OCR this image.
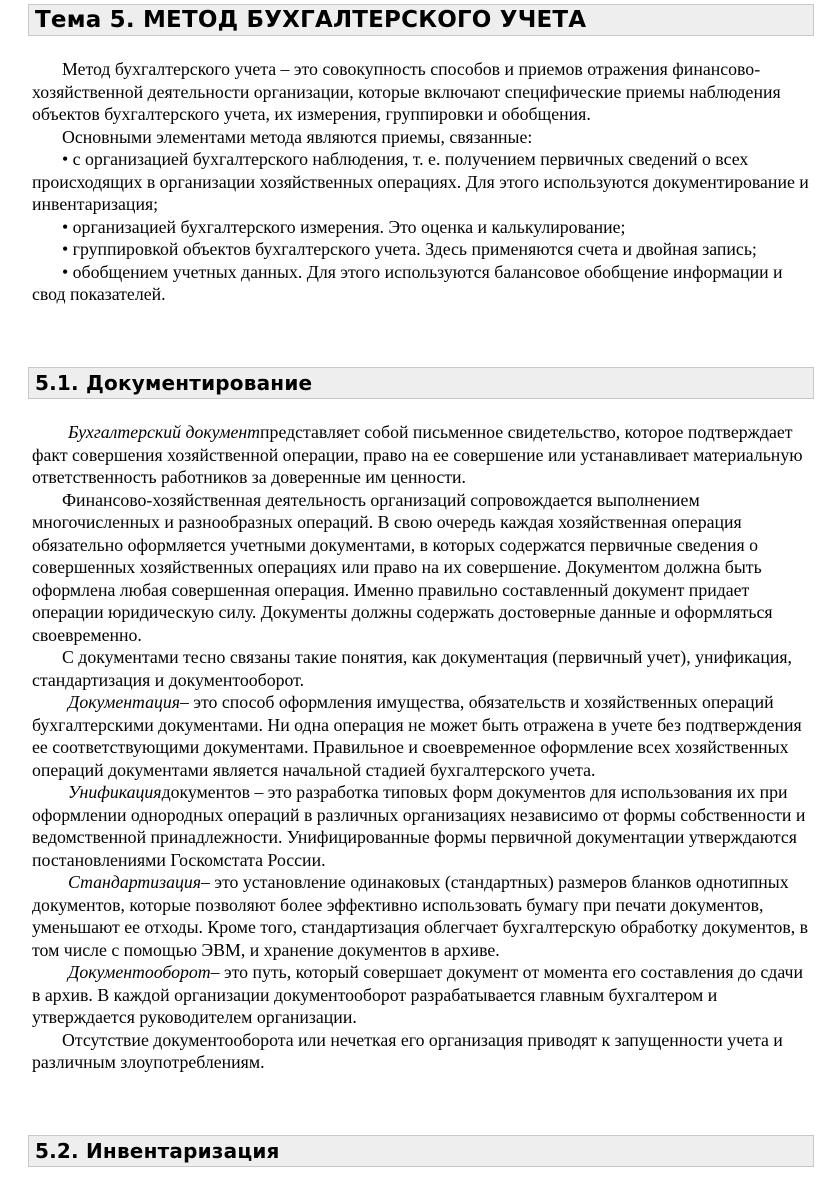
Тема 5. МЕТОД БУХГАЛТЕРСКОГО УЧЕТА

Метод бухгалтерского учета – это совокупность способов и приемов отражения финансово-хозяйственной деятельности организации, которые включают специфические приемы наблюдения объектов бухгалтерского учета, их измерения, группировки и обобщения.

Основными элементами метода являются приемы, связанные:

• с организацией бухгалтерского наблюдения, т. е. получением первичных сведений о всех происходящих в организации хозяйственных операциях. Для этого используются документирование и инвентаризация;

• организацией бухгалтерского измерения. Это оценка и калькулирование;

• группировкой объектов бухгалтерского учета. Здесь применяются счета и двойная запись;

• обобщением учетных данных. Для этого используются балансовое обобщение информации и свод показателей.

5.1. Документирование

Бухгалтерский документпредставляет собой письменное свидетельство, которое подтверждает факт совершения хозяйственной операции, право на ее совершение или устанавливает материальную ответственность работников за доверенные им ценности.

Финансово-хозяйственная деятельность организаций сопровождается выполнением многочисленных и разнообразных операций. В свою очередь каждая хозяйственная операция обязательно оформляется учетными документами, в которых содержатся первичные сведения о совершенных хозяйственных операциях или право на их совершение. Документом должна быть оформлена любая совершенная операция. Именно правильно составленный документ придает операции юридическую силу. Документы должны содержать достоверные данные и оформляться своевременно.

С документами тесно связаны такие понятия, как документация (первичный учет), унификация, стандартизация и документооборот.

Документация– это способ оформления имущества, обязательств и хозяйственных операций бухгалтерскими документами. Ни одна операция не может быть отражена в учете без подтверждения ее соответствующими документами. Правильное и своевременное оформление всех хозяйственных операций документами является начальной стадией бухгалтерского учета.

Унификациядокументов – это разработка типовых форм документов для использования их при оформлении однородных операций в различных организациях независимо от формы собственности и ведомственной принадлежности. Унифицированные формы первичной документации утверждаются постановлениями Госкомстата России.

Стандартизация– это установление одинаковых (стандартных) размеров бланков однотипных документов, которые позволяют более эффективно использовать бумагу при печати документов, уменьшают ее отходы. Кроме того, стандартизация облегчает бухгалтерскую обработку документов, в том числе с помощью ЭВМ, и хранение документов в архиве.

Документооборот– это путь, который совершает документ от момента его составления до сдачи в архив. В каждой организации документооборот разрабатывается главным бухгалтером и утверждается руководителем организации.

Отсутствие документооборота или нечеткая его организация приводят к запущенности учета и различным злоупотреблениям.

5.2. Инвентаризация
